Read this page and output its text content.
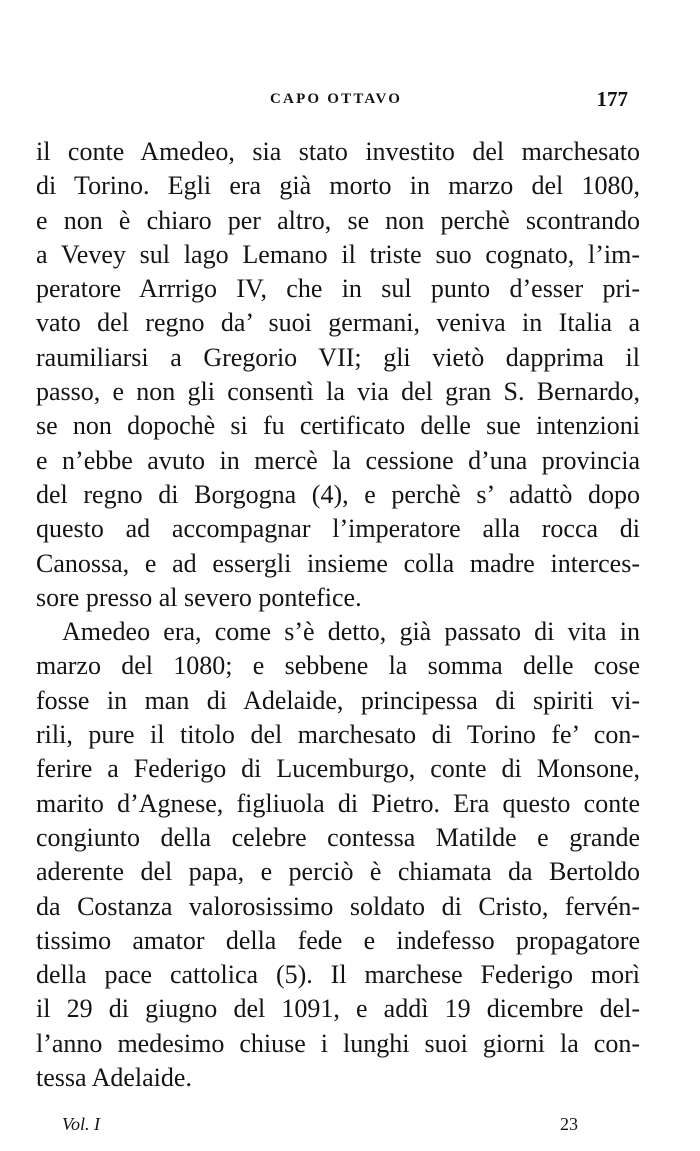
CAPO OTTAVO	177
il conte Amedeo, sia stato investito del marchesato
di Torino. Egli era già morto in marzo del 1080,
e non è chiaro per altro, se non perchè scontrando
a Vevey sul lago Lemano il triste suo cognato, l’im-
peratore Arrrigo IV, che in sul punto d’esser pri-
vato del regno da’ suoi germani, veniva in Italia a
raumiliarsi a Gregorio VII; gli vietò dapprima il
passo, e non gli consentì la via del gran S. Bernardo,
se non dopochè si fu certificato delle sue intenzioni
e n’ebbe avuto in mercè la cessione d’una provincia
del regno di Borgogna (4), e perchè s’ adattò dopo
questo ad accompagnar l’imperatore alla rocca di
Canossa, e ad essergli insieme colla madre interces-
sore presso al severo pontefice.
Amedeo era, come s’è detto, già passato di vita in
marzo del 1080; e sebbene la somma delle cose
fosse in man di Adelaide, principessa di spiriti vi-
rili, pure il titolo del marchesato di Torino fe’ con-
ferire a Federigo di Lucemburgo, conte di Monsone,
marito d’Agnese, figliuola di Pietro. Era questo conte
congiunto della celebre contessa Matilde e grande
aderente del papa, e perciò è chiamata da Bertoldo
da Costanza valorosissimo soldato di Cristo, fervén-
tissimo amator della fede e indefesso propagatore
della pace cattolica (5). Il marchese Federigo morì
il 29 di giugno del 1091, e addì 19 dicembre del-
l’anno medesimo chiuse i lunghi suoi giorni la con-
tessa Adelaide.
Vol. I	23
